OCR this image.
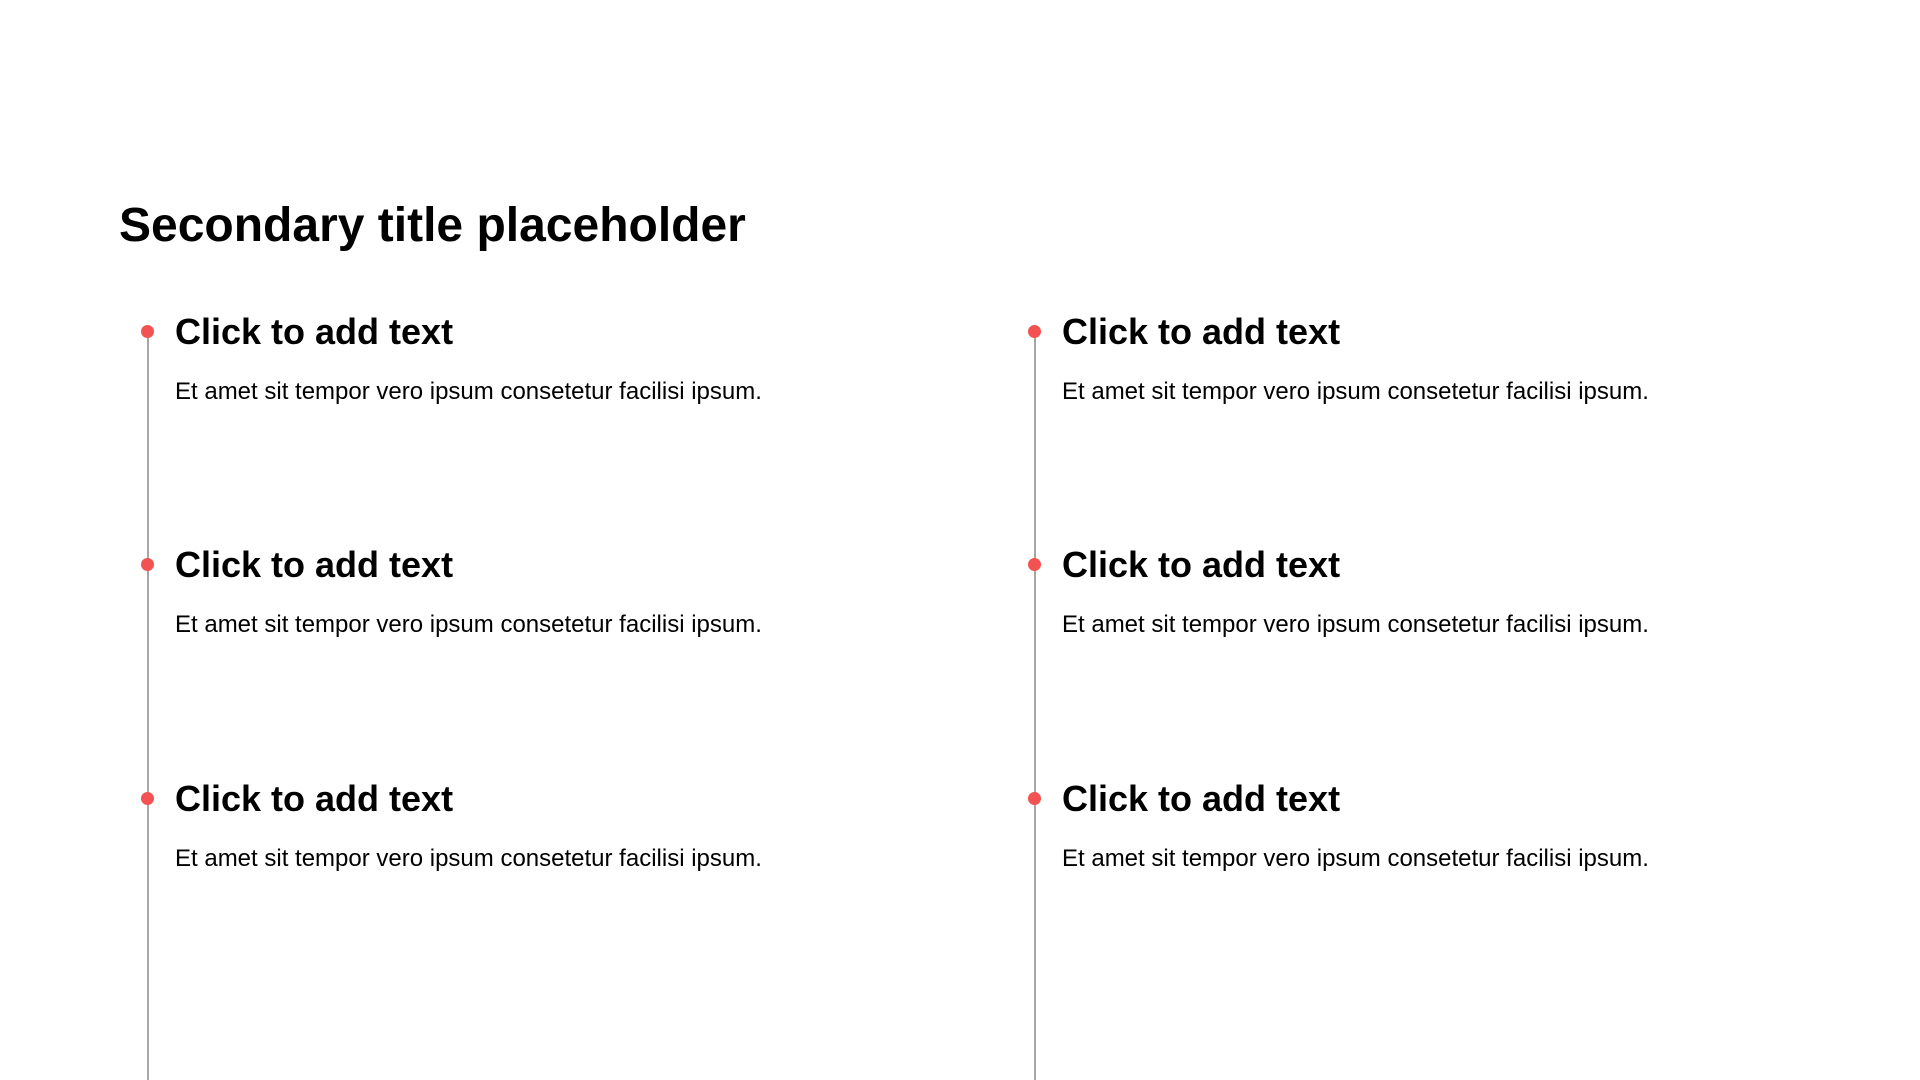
Secondary title placeholder
Click to add text

Et amet sit tempor vero ipsum consetetur facilisi ipsum.

Click to add text

Et amet sit tempor vero ipsum consetetur facilisi ipsum.

Click to add text

Et amet sit tempor vero ipsum consetetur facilisi ipsum.

Click to add text

Et amet sit tempor vero ipsum consetetur facilisi ipsum.

Click to add text

Et amet sit tempor vero ipsum consetetur facilisi ipsum.

Click to add text

Et amet sit tempor vero ipsum consetetur facilisi ipsum.
